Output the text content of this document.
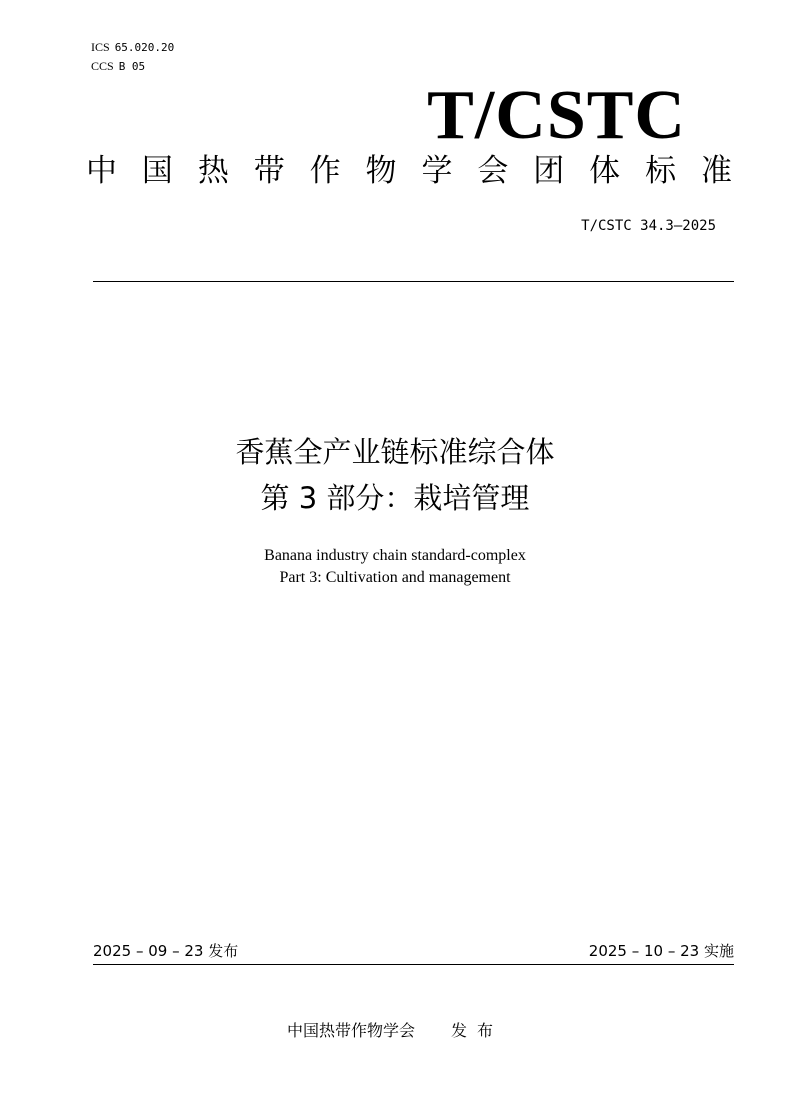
ICS 65.020.20
CCS B 05
T/CSTC
中 国 热 带 作 物 学 会 团 体 标 准
T/CSTC 34.3—2025
香蕉全产业链标准综合体
第 3 部分：栽培管理
Banana industry chain standard-complex
Part 3: Cultivation and management
2025 – 09 – 23 发布	2025 – 10 – 23 实施
中国热带作物学会 发布
